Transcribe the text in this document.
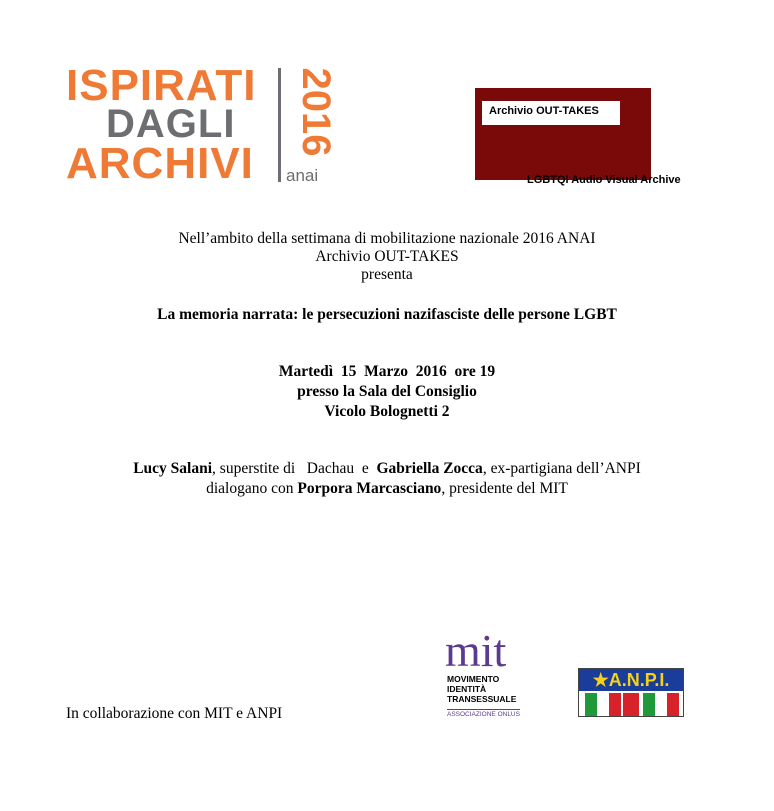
ISPIRATI
DAGLI
ARCHIVI
2016
anai
Archivio OUT-TAKES
LGBTQI Audio Visual Archive
Nell’ambito della settimana di mobilitazione nazionale 2016 ANAI
Archivio OUT-TAKES
presenta
La memoria narrata: le persecuzioni nazifasciste delle persone LGBT
Martedì  15  Marzo  2016  ore 19
presso la Sala del Consiglio
Vicolo Bolognetti 2
Lucy Salani, superstite di   Dachau  e  Gabriella Zocca, ex-partigiana dell’ANPI
dialogano con Porpora Marcasciano, presidente del MIT
mit
MOVIMENTO
IDENTITÀ
TRANSESSUALE
ASSOCIAZIONE ONLUS
★A.N.P.I.
In collaborazione con MIT e ANPI
